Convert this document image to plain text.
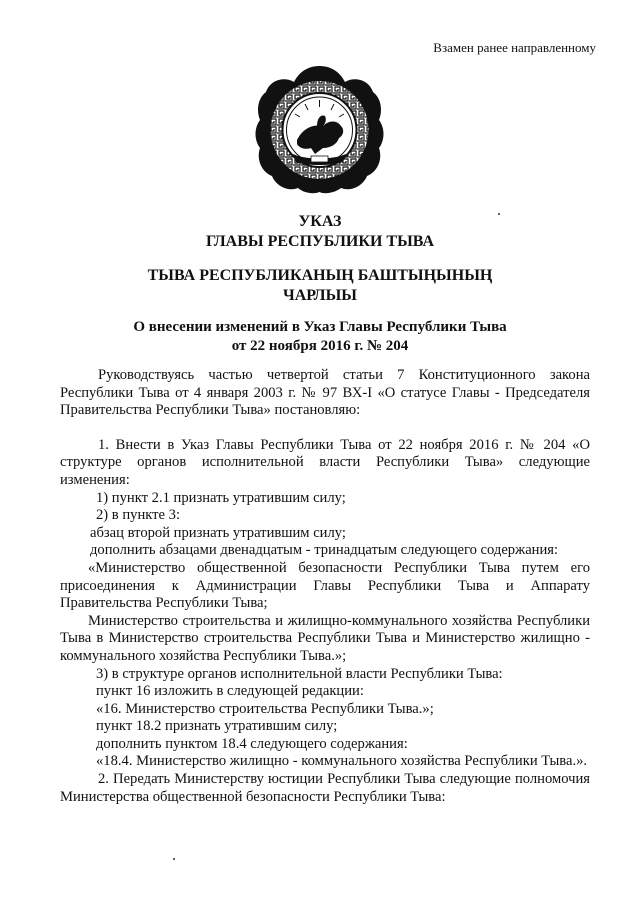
Взамен ранее направленному
УКАЗ
ГЛАВЫ РЕСПУБЛИКИ ТЫВА
ТЫВА РЕСПУБЛИКАНЫҢ БАШТЫҢЫНЫҢ
ЧАРЛЫЫ
О внесении изменений в Указ Главы Республики Тыва
от 22 ноября 2016 г. № 204

Руководствуясь частью четвертой статьи 7 Конституционного закона Республики Тыва от 4 января 2003 г. № 97 ВХ-I «О статусе Главы - Председателя Правительства Республики Тыва» постановляю:

1. Внести в Указ Главы Республики Тыва от 22 ноября 2016 г. № 204 «О структуре органов исполнительной власти Республики Тыва» следующие изменения:

1) пункт 2.1 признать утратившим силу;

2) в пункте 3:

абзац второй признать утратившим силу;

дополнить абзацами двенадцатым - тринадцатым следующего содержания:

«Министерство общественной безопасности Республики Тыва путем его присоединения к Администрации Главы Республики Тыва и Аппарату Правительства Республики Тыва;

Министерство строительства и жилищно-коммунального хозяйства Республики Тыва в Министерство строительства Республики Тыва и Министерство жилищно - коммунального хозяйства Республики Тыва.»;

3) в структуре органов исполнительной власти Республики Тыва:

пункт 16 изложить в следующей редакции:

«16. Министерство строительства Республики Тыва.»;

пункт 18.2 признать утратившим силу;

дополнить пунктом 18.4 следующего содержания:

«18.4. Министерство жилищно - коммунального хозяйства Республики Тыва.».

2. Передать Министерству юстиции Республики Тыва следующие полномочия Министерства общественной безопасности Республики Тыва:
